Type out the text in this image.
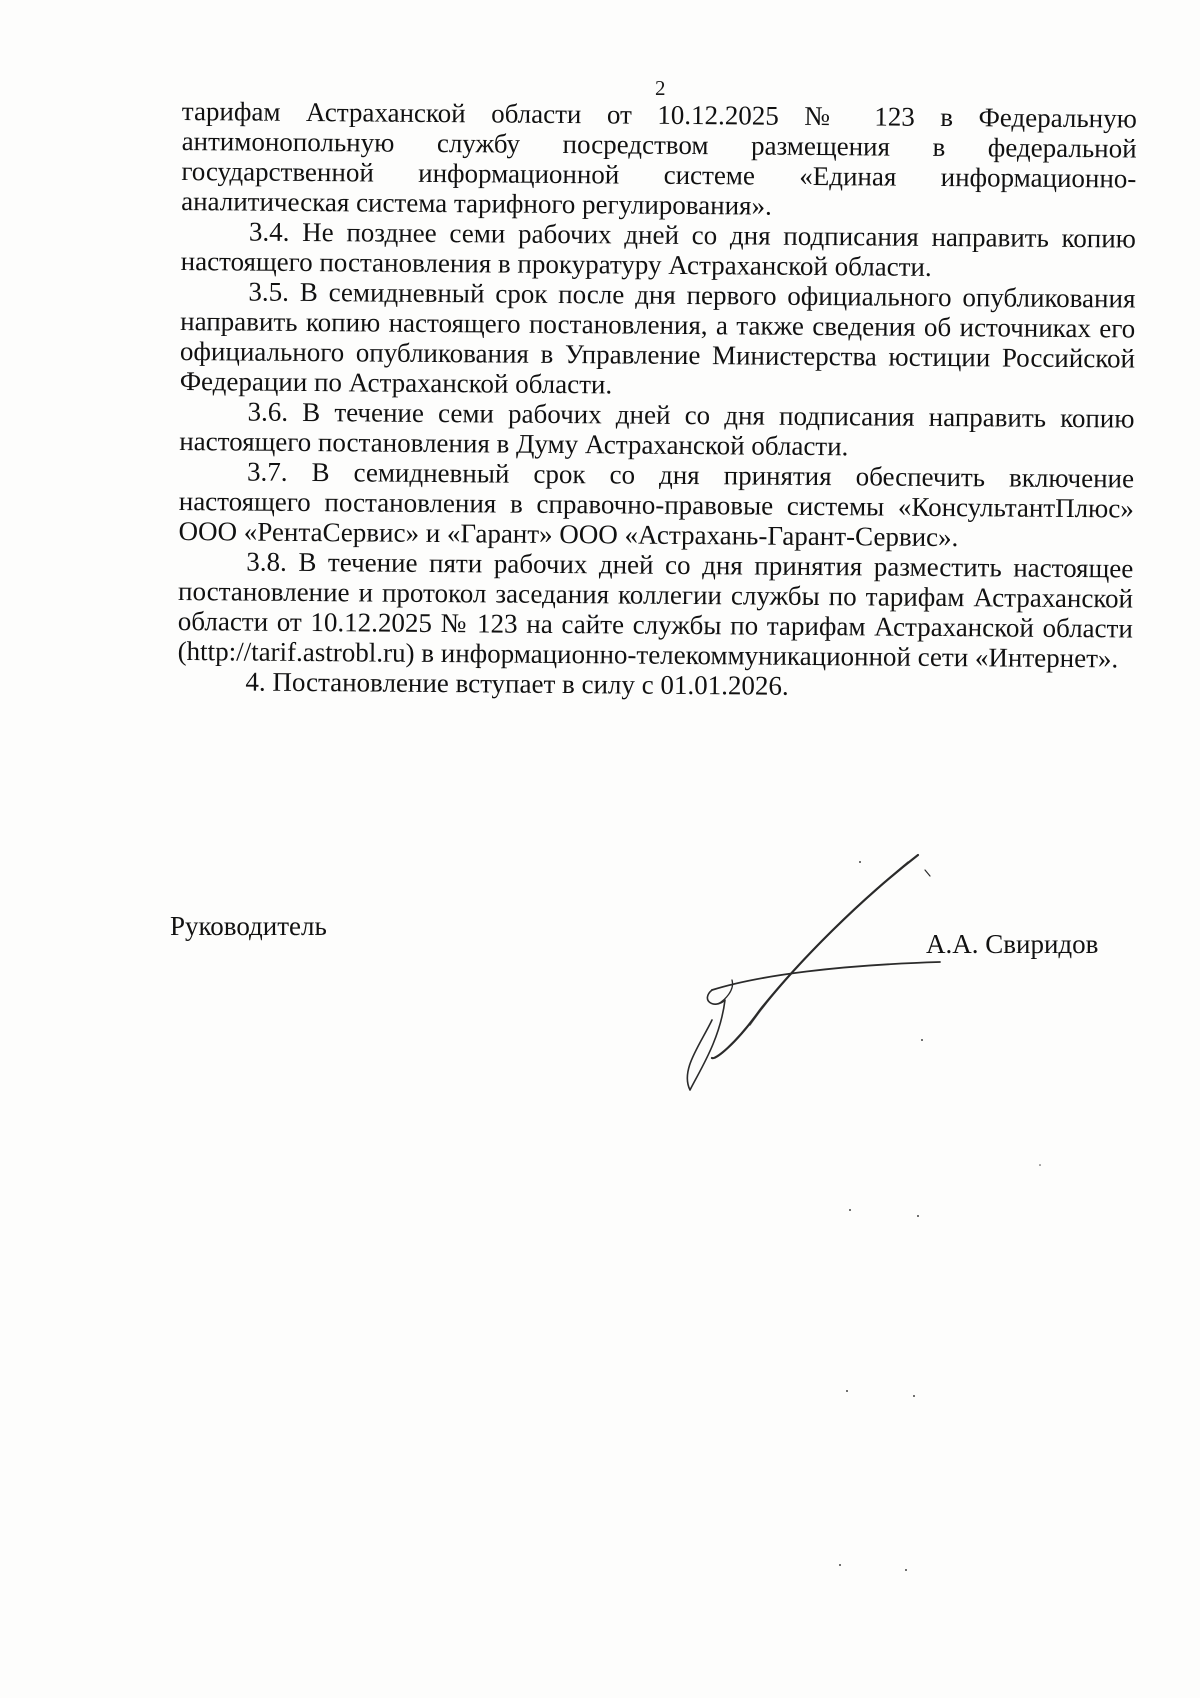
2

тарифам Астраханской области от 10.12.2025 № 123 в Федеральную антимонопольную службу посредством размещения в федеральной государственной информационной системе «Единая информационно-аналитическая система тарифного регулирования».

3.4. Не позднее семи рабочих дней со дня подписания направить копию настоящего постановления в прокуратуру Астраханской области.

3.5. В семидневный срок после дня первого официального опубликования направить копию настоящего постановления, а также сведения об источниках его официального опубликования в Управление Министерства юстиции Российской Федерации по Астраханской области.

3.6. В течение семи рабочих дней со дня подписания направить копию настоящего постановления в Думу Астраханской области.

3.7. В семидневный срок со дня принятия обеспечить включение настоящего постановления в справочно-правовые системы «КонсультантПлюс» ООО «РентаСервис» и «Гарант» ООО «Астрахань-Гарант-Сервис».

3.8. В течение пяти рабочих дней со дня принятия разместить настоящее постановление и протокол заседания коллегии службы по тарифам Астраханской области от 10.12.2025 № 123 на сайте службы по тарифам Астраханской области (http://tarif.astrobl.ru) в информационно-телекоммуникационной сети «Интернет».

4. Постановление вступает в силу с 01.01.2026.

Руководитель
А.А. Свиридов
